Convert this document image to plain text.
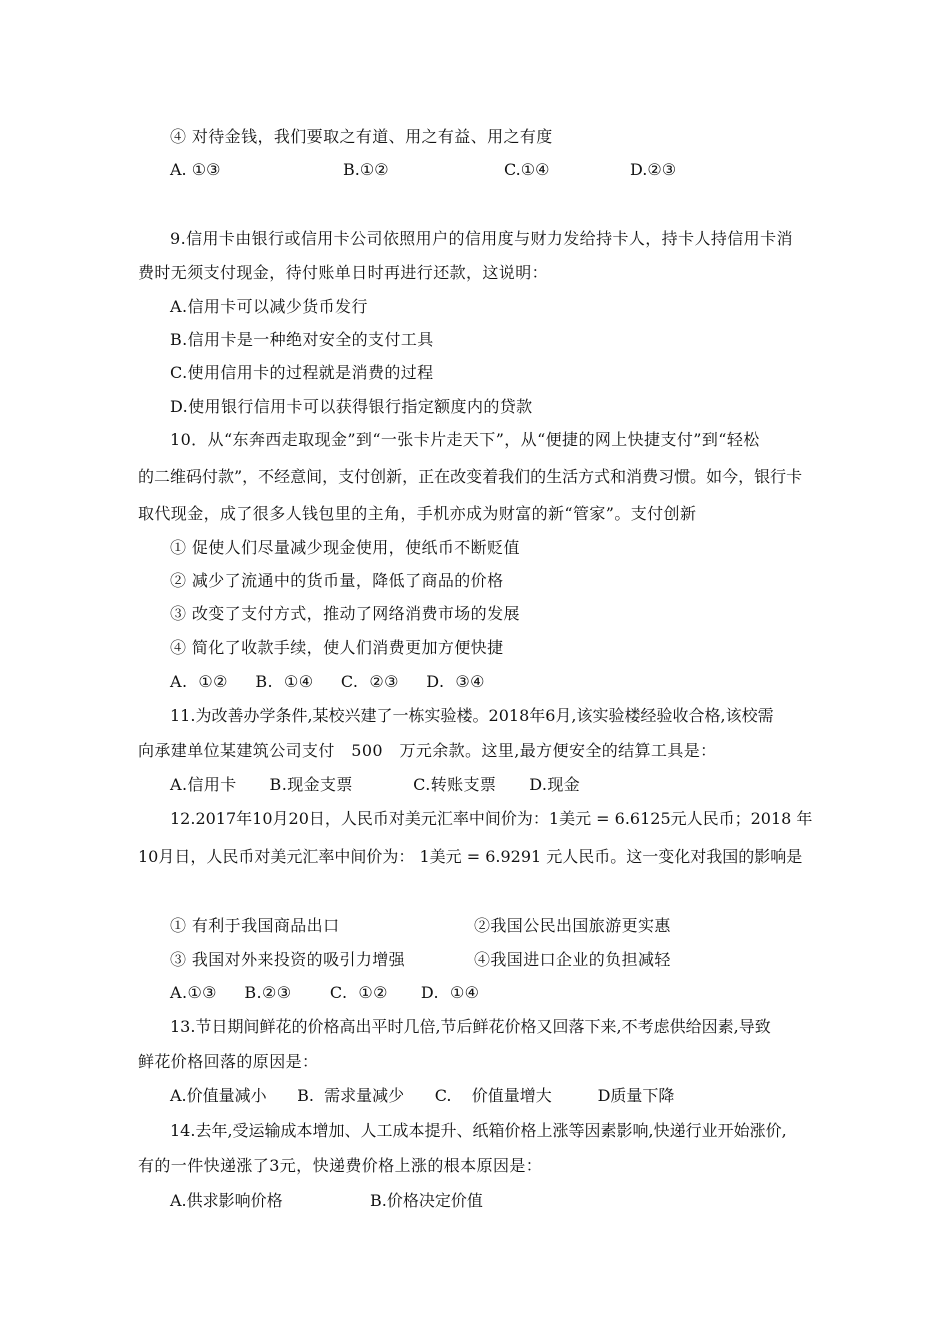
④ 对待金钱，我们要取之有道、用之有益、用之有度
A. ①③	B.①②	C.①④	D.②③
9.信用卡由银行或信用卡公司依照用户的信用度与财力发给持卡人，持卡人持信用卡消
费时无须支付现金，待付账单日时再进行还款，这说明：
A.信用卡可以减少货币发行
B.信用卡是一种绝对安全的支付工具
C.使用信用卡的过程就是消费的过程
D.使用银行信用卡可以获得银行指定额度内的贷款
10．从“东奔西走取现金”到“一张卡片走天下”，从“便捷的网上快捷支付”到“轻松
的二维码付款”，不经意间，支付创新，正在改变着我们的生活方式和消费习惯。如今，银行卡
取代现金，成了很多人钱包里的主角，手机亦成为财富的新“管家”。支付创新
① 促使人们尽量减少现金使用，使纸币不断贬值
② 减少了流通中的货币量，降低了商品的价格
③ 改变了支付方式，推动了网络消费市场的发展
④ 简化了收款手续，使人们消费更加方便快捷
A.  ①②     B.  ①④     C.  ②③     D.  ③④
11.为改善办学条件,某校兴建了一栋实验楼。2018年6月,该实验楼经验收合格,该校需
向承建单位某建筑公司支付   500   万元余款。这里,最方便安全的结算工具是：
A.信用卡      B.现金支票           C.转账支票      D.现金
12.2017年10月20日，人民币对美元汇率中间价为：1美元 = 6.6125元人民币；2018 年
10月日，人民币对美元汇率中间价为： 1美元 = 6.9291 元人民币。这一变化对我国的影响是
① 有利于我国商品出口	②我国公民出国旅游更实惠
③ 我国对外来投资的吸引力增强	④我国进口企业的负担减轻
A.①③     B.②③       C.  ①②      D.  ①④
13.节日期间鲜花的价格高出平时几倍,节后鲜花价格又回落下来,不考虑供给因素,导致
鲜花价格回落的原因是：
A.价值量减小      B.  需求量减少      C.    价值量增大         D质量下降
14.去年,受运输成本增加、人工成本提升、纸箱价格上涨等因素影响,快递行业开始涨价,
有的一件快递涨了3元，快递费价格上涨的根本原因是：
A.供求影响价格	B.价格决定价值
